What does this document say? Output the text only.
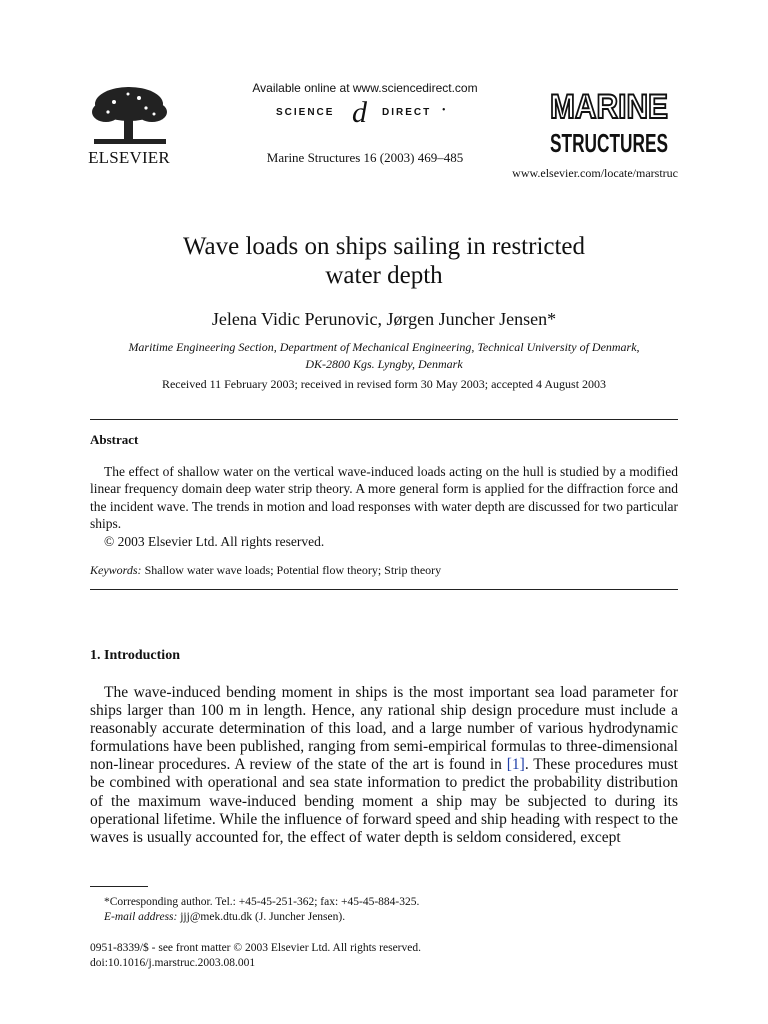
ELSEVIER
Available online at www.sciencedirect.com
SCIENCE d DIRECT •
Marine Structures 16 (2003) 469–485
MARINE
STRUCTURES
www.elsevier.com/locate/marstruc
Wave loads on ships sailing in restricted
water depth
Jelena Vidic Perunovic, Jørgen Juncher Jensen*
Maritime Engineering Section, Department of Mechanical Engineering, Technical University of Denmark,
DK-2800 Kgs. Lyngby, Denmark
Received 11 February 2003; received in revised form 30 May 2003; accepted 4 August 2003
Abstract

The effect of shallow water on the vertical wave-induced loads acting on the hull is studied by a modified linear frequency domain deep water strip theory. A more general form is applied for the diffraction force and the incident wave. The trends in motion and load responses with water depth are discussed for two particular ships.

© 2003 Elsevier Ltd. All rights reserved.

Keywords: Shallow water wave loads; Potential flow theory; Strip theory
1. Introduction

The wave-induced bending moment in ships is the most important sea load parameter for ships larger than 100 m in length. Hence, any rational ship design procedure must include a reasonably accurate determination of this load, and a large number of various hydrodynamic formulations have been published, ranging from semi-empirical formulas to three-dimensional non-linear procedures. A review of the state of the art is found in [1]. These procedures must be combined with operational and sea state information to predict the probability distribution of the maximum wave-induced bending moment a ship may be subjected to during its operational lifetime. While the influence of forward speed and ship heading with respect to the waves is usually accounted for, the effect of water depth is seldom considered, except

*Corresponding author. Tel.: +45-45-251-362; fax: +45-45-884-325.
E-mail address: jjj@mek.dtu.dk (J. Juncher Jensen).
0951-8339/$ - see front matter © 2003 Elsevier Ltd. All rights reserved.
doi:10.1016/j.marstruc.2003.08.001
